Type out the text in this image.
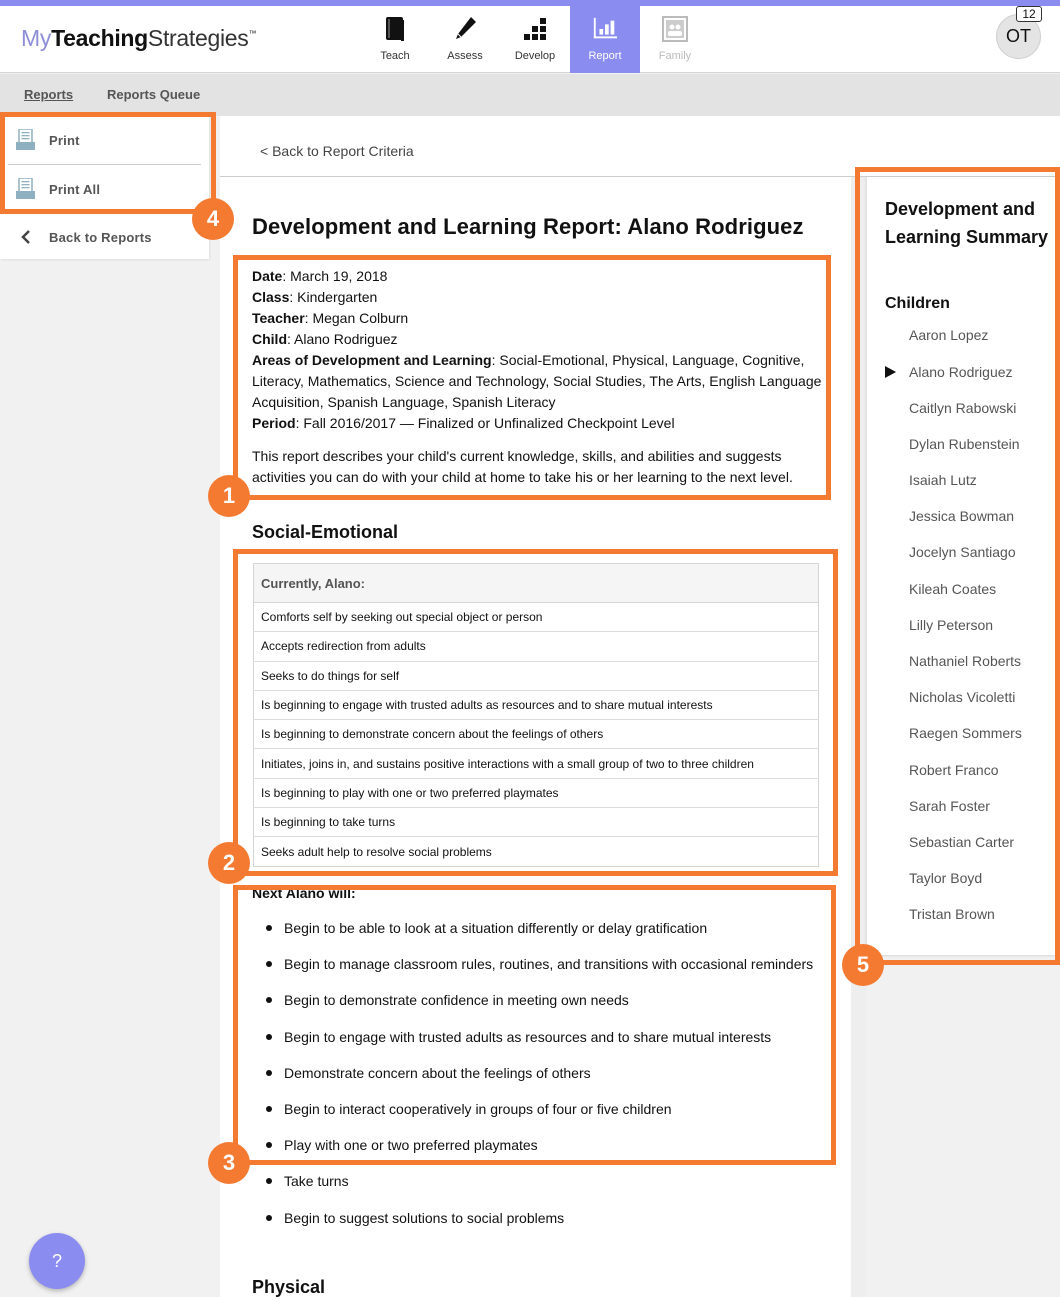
MyTeachingStrategies™
Teach	Assess	Develop	Report	Family
OT
12
Reports	Reports Queue
Print
Print All
Back to Reports
< Back to Report Criteria
Development and Learning Report: Alano Rodriguez
Date: March 19, 2018
Class: Kindergarten
Teacher: Megan Colburn
Child: Alano Rodriguez
Areas of Development and Learning: Social-Emotional, Physical, Language, Cognitive, Literacy, Mathematics, Science and Technology, Social Studies, The Arts, English Language Acquisition, Spanish Language, Spanish Literacy
Period: Fall 2016/2017 — Finalized or Unfinalized Checkpoint Level

This report describes your child's current knowledge, skills, and abilities and suggests activities you can do with your child at home to take his or her learning to the next level.

Social-Emotional
Currently, Alano:
Comforts self by seeking out special object or person
Accepts redirection from adults
Seeks to do things for self
Is beginning to engage with trusted adults as resources and to share mutual interests
Is beginning to demonstrate concern about the feelings of others
Initiates, joins in, and sustains positive interactions with a small group of two to three children
Is beginning to play with one or two preferred playmates
Is beginning to take turns
Seeks adult help to resolve social problems
Next Alano will:
Begin to be able to look at a situation differently or delay gratification
Begin to manage classroom rules, routines, and transitions with occasional reminders
Begin to demonstrate confidence in meeting own needs
Begin to engage with trusted adults as resources and to share mutual interests
Demonstrate concern about the feelings of others
Begin to interact cooperatively in groups of four or five children
Play with one or two preferred playmates
Take turns
Begin to suggest solutions to social problems
Physical
Development and Learning Summary
Children
Aaron Lopez
Alano Rodriguez
Caitlyn Rabowski
Dylan Rubenstein
Isaiah Lutz
Jessica Bowman
Jocelyn Santiago
Kileah Coates
Lilly Peterson
Nathaniel Roberts
Nicholas Vicoletti
Raegen Sommers
Robert Franco
Sarah Foster
Sebastian Carter
Taylor Boyd
Tristan Brown
?
4
1
2
3
5
